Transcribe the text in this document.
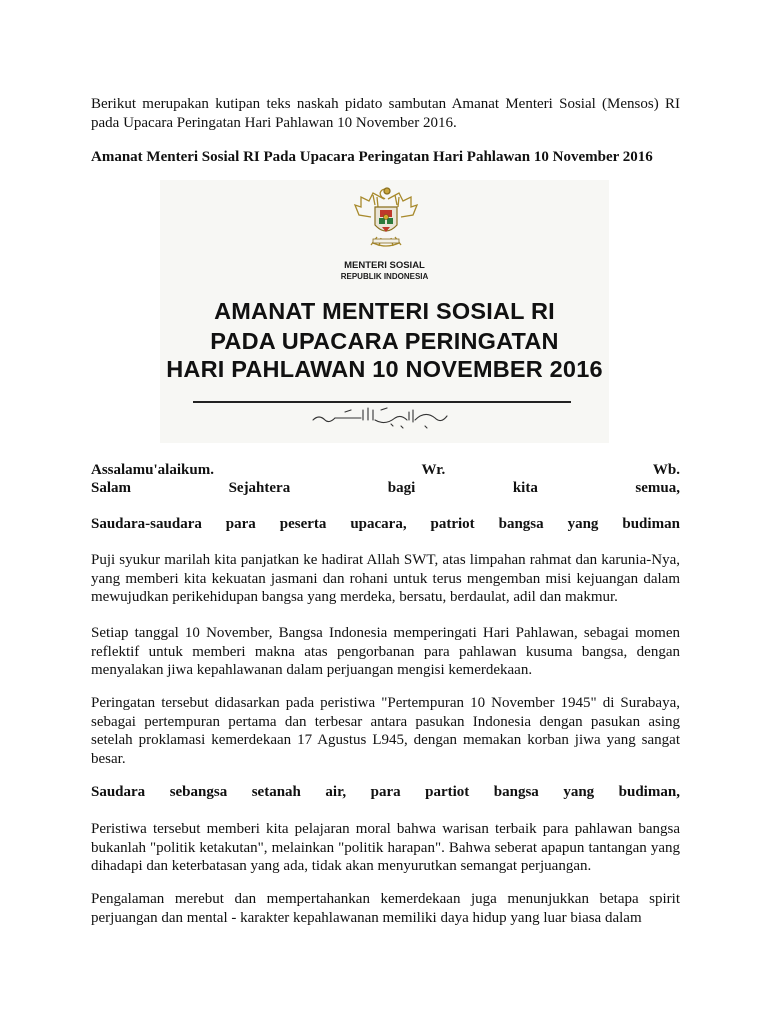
Berikut merupakan kutipan teks naskah pidato sambutan Amanat Menteri Sosial (Mensos) RI pada Upacara Peringatan Hari Pahlawan 10 November 2016.

Amanat Menteri Sosial RI Pada Upacara Peringatan Hari Pahlawan 10 November 2016

MENTERI SOSIAL
REPUBLIK INDONESIA
AMANAT MENTERI SOSIAL RI
PADA UPACARA PERINGATAN
HARI PAHLAWAN 10 NOVEMBER 2016
Assalamu'alaikum.	Wr.	Wb.
Salam	Sejahtera	bagi	kita	semua,
Saudara-saudara para peserta upacara, patriot bangsa yang budiman

Puji syukur marilah kita panjatkan ke hadirat Allah SWT, atas limpahan rahmat dan karunia-Nya, yang memberi kita kekuatan jasmani dan rohani untuk terus mengemban misi kejuangan dalam mewujudkan perikehidupan bangsa yang merdeka, bersatu, berdaulat, adil dan makmur.

Setiap tanggal 10 November, Bangsa Indonesia memperingati Hari Pahlawan, sebagai momen reflektif untuk memberi makna atas pengorbanan para pahlawan kusuma bangsa, dengan menyalakan jiwa kepahlawanan dalam perjuangan mengisi kemerdekaan.

Peringatan tersebut didasarkan pada peristiwa "Pertempuran 10 November 1945" di Surabaya, sebagai pertempuran pertama dan terbesar antara pasukan Indonesia dengan pasukan asing setelah proklamasi kemerdekaan 17 Agustus L945, dengan memakan korban jiwa yang sangat besar.

Saudara sebangsa setanah air, para partiot bangsa yang budiman,

Peristiwa tersebut memberi kita pelajaran moral bahwa warisan terbaik para pahlawan bangsa bukanlah "politik ketakutan", melainkan "politik harapan". Bahwa seberat apapun tantangan yang dihadapi dan keterbatasan yang ada, tidak akan menyurutkan semangat perjuangan.

Pengalaman merebut dan mempertahankan kemerdekaan juga menunjukkan betapa spirit perjuangan dan mental - karakter kepahlawanan memiliki daya hidup yang luar biasa dalam
